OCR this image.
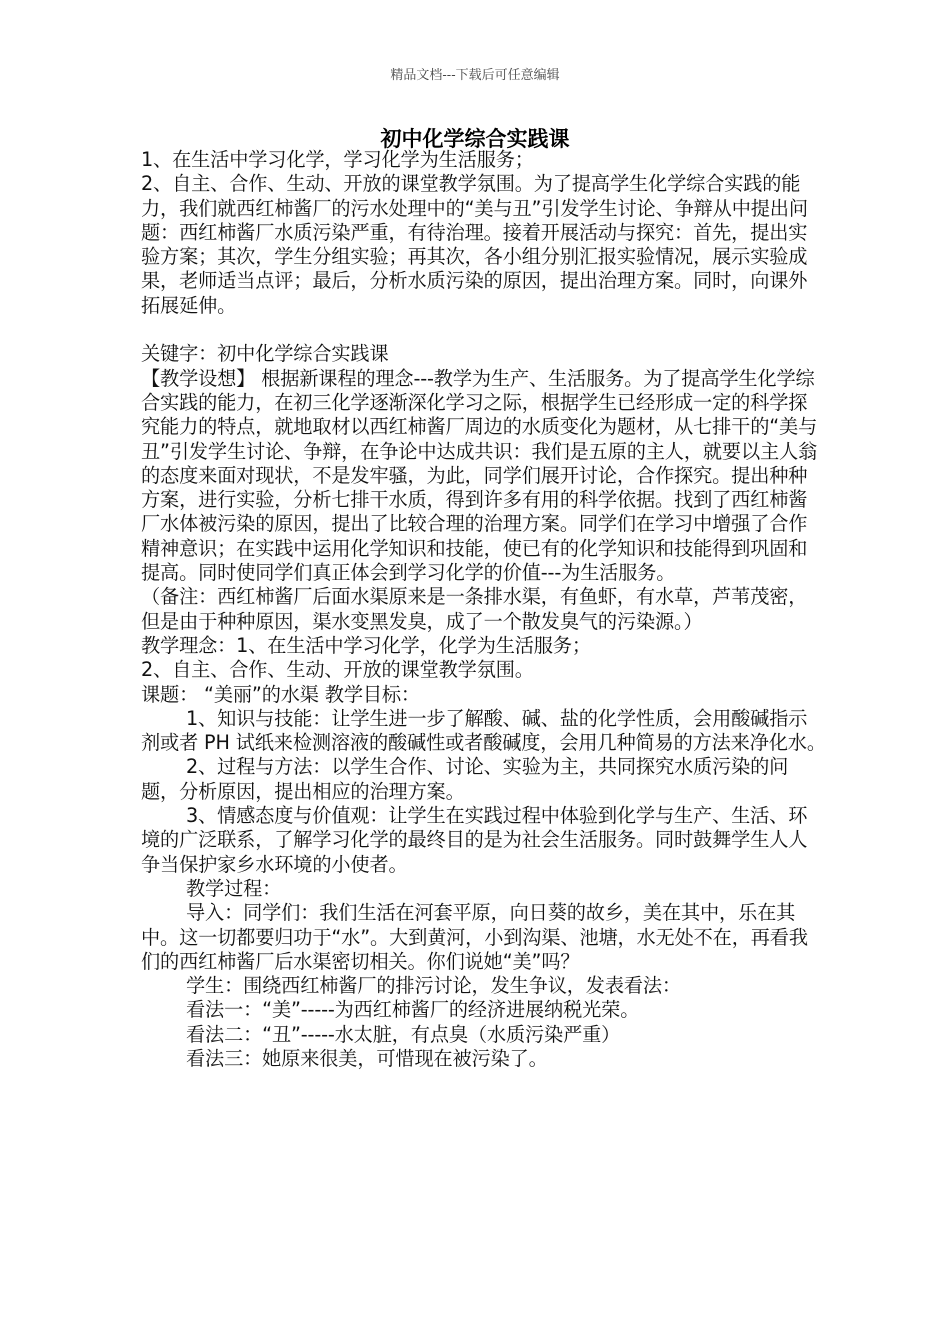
精品文档---下载后可任意编辑
初中化学综合实践课

1、在生活中学习化学，学习化学为生活服务；

2、自主、合作、生动、开放的课堂教学氛围。为了提高学生化学综合实践的能力，我们就西红柿酱厂的污水处理中的“美与丑”引发学生讨论、争辩从中提出问题：西红柿酱厂水质污染严重，有待治理。接着开展活动与探究：首先，提出实验方案；其次，学生分组实验；再其次，各小组分别汇报实验情况，展示实验成果，老师适当点评；最后，分析水质污染的原因，提出治理方案。同时，向课外拓展延伸。

关键字：初中化学综合实践课

【教学设想】 根据新课程的理念---教学为生产、生活服务。为了提高学生化学综合实践的能力，在初三化学逐渐深化学习之际，根据学生已经形成一定的科学探究能力的特点，就地取材以西红柿酱厂周边的水质变化为题材，从七排干的“美与丑”引发学生讨论、争辩，在争论中达成共识：我们是五原的主人，就要以主人翁的态度来面对现状，不是发牢骚，为此，同学们展开讨论，合作探究。提出种种方案，进行实验，分析七排干水质，得到许多有用的科学依据。找到了西红柿酱厂水体被污染的原因，提出了比较合理的治理方案。同学们在学习中增强了合作精神意识；在实践中运用化学知识和技能，使已有的化学知识和技能得到巩固和提高。同时使同学们真正体会到学习化学的价值---为生活服务。

（备注：西红柿酱厂后面水渠原来是一条排水渠，有鱼虾，有水草，芦苇茂密，但是由于种种原因，渠水变黑发臭，成了一个散发臭气的污染源。）

教学理念：1、在生活中学习化学，化学为生活服务；

2、自主、合作、生动、开放的课堂教学氛围。

课题： “美丽”的水渠 教学目标：

1、知识与技能：让学生进一步了解酸、碱、盐的化学性质，会用酸碱指示剂或者 PH 试纸来检测溶液的酸碱性或者酸碱度，会用几种简易的方法来净化水。

2、过程与方法：以学生合作、讨论、实验为主，共同探究水质污染的问题，分析原因，提出相应的治理方案。

3、情感态度与价值观：让学生在实践过程中体验到化学与生产、生活、环境的广泛联系，了解学习化学的最终目的是为社会生活服务。同时鼓舞学生人人争当保护家乡水环境的小使者。

教学过程：

导入：同学们：我们生活在河套平原，向日葵的故乡，美在其中，乐在其中。这一切都要归功于“水”。大到黄河，小到沟渠、池塘，水无处不在，再看我们的西红柿酱厂后水渠密切相关。你们说她“美”吗？

学生：围绕西红柿酱厂的排污讨论，发生争议，发表看法：

看法一：“美”-----为西红柿酱厂的经济进展纳税光荣。

看法二：“丑”-----水太脏，有点臭（水质污染严重）

看法三：她原来很美，可惜现在被污染了。
